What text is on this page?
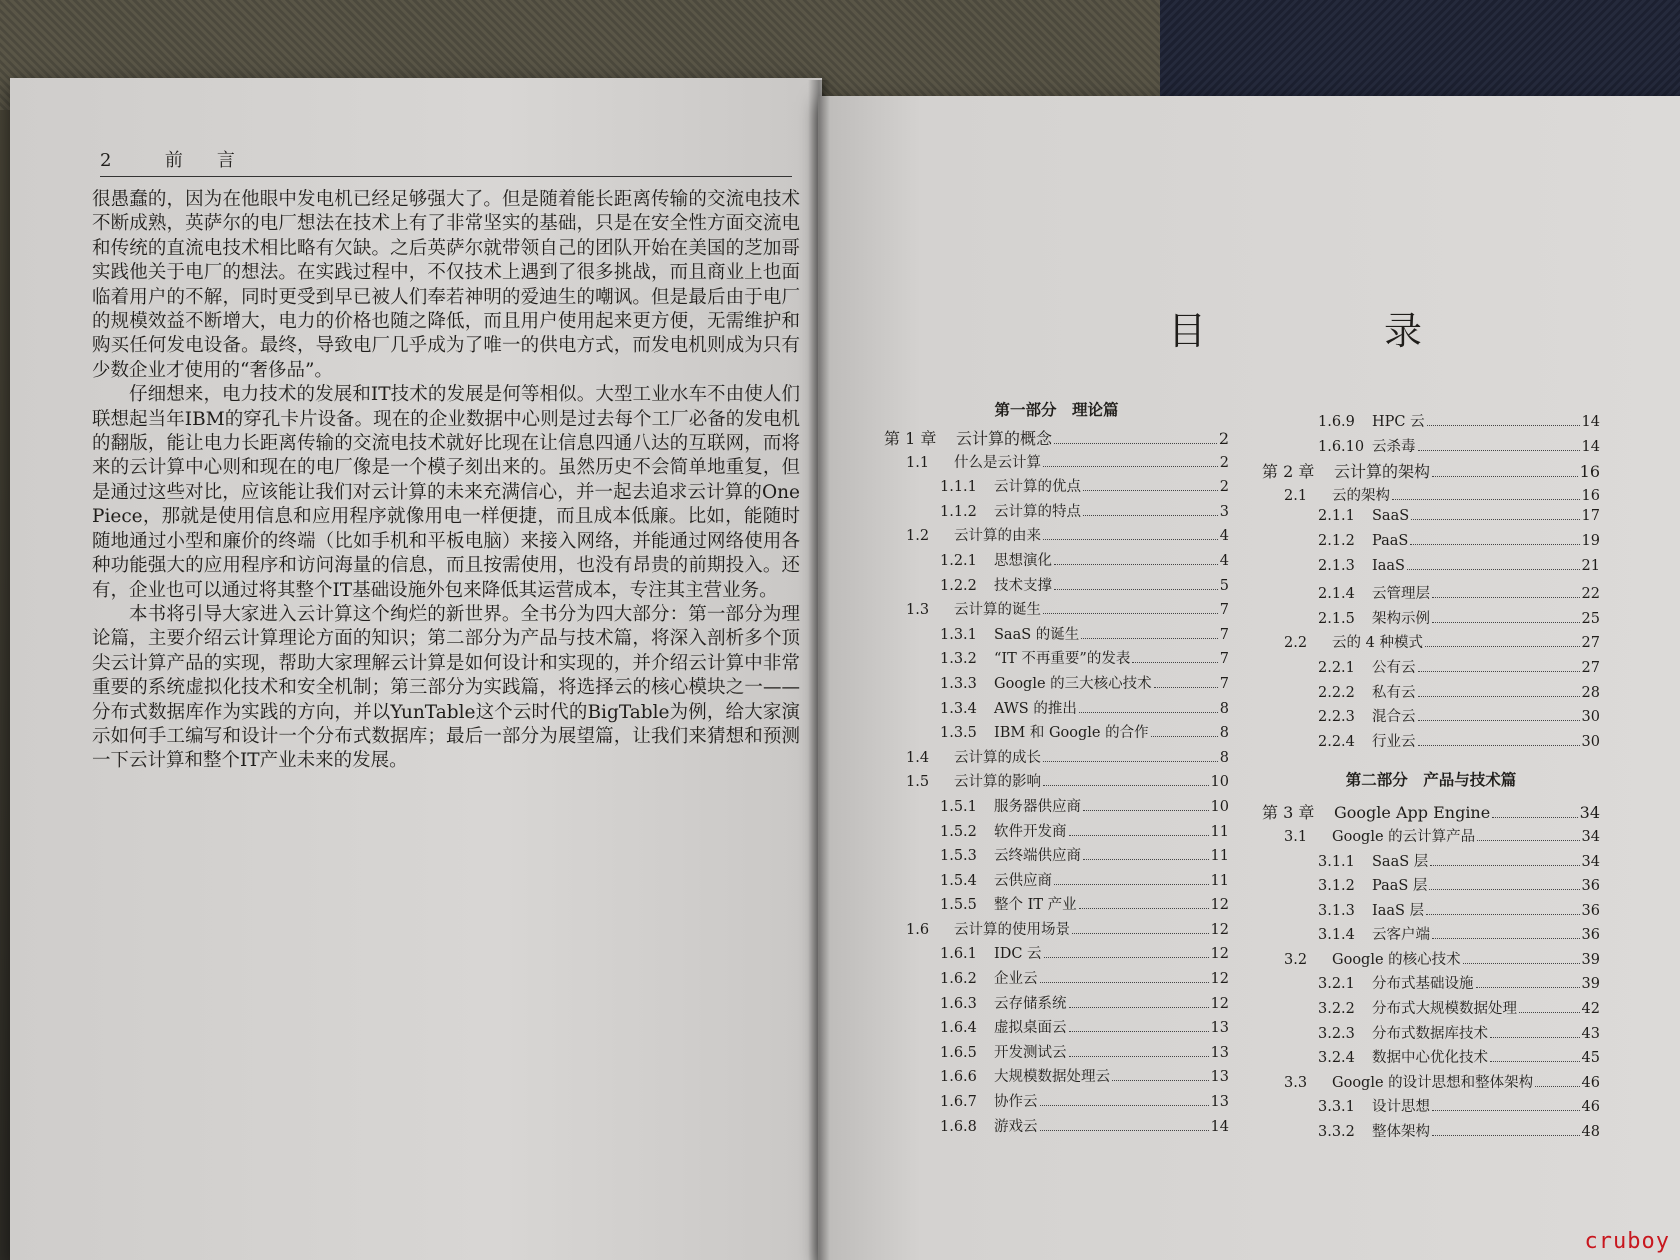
2	前　言

很愚蠢的，因为在他眼中发电机已经足够强大了。但是随着能长距离传输的交流电技术不断成熟，英萨尔的电厂想法在技术上有了非常坚实的基础，只是在安全性方面交流电和传统的直流电技术相比略有欠缺。之后英萨尔就带领自己的团队开始在美国的芝加哥实践他关于电厂的想法。在实践过程中，不仅技术上遇到了很多挑战，而且商业上也面临着用户的不解，同时更受到早已被人们奉若神明的爱迪生的嘲讽。但是最后由于电厂的规模效益不断增大，电力的价格也随之降低，而且用户使用起来更方便，无需维护和购买任何发电设备。最终，导致电厂几乎成为了唯一的供电方式，而发电机则成为只有少数企业才使用的“奢侈品”。

仔细想来，电力技术的发展和IT技术的发展是何等相似。大型工业水车不由使人们联想起当年IBM的穿孔卡片设备。现在的企业数据中心则是过去每个工厂必备的发电机的翻版，能让电力长距离传输的交流电技术就好比现在让信息四通八达的互联网，而将来的云计算中心则和现在的电厂像是一个模子刻出来的。虽然历史不会简单地重复，但是通过这些对比，应该能让我们对云计算的未来充满信心，并一起去追求云计算的One Piece，那就是使用信息和应用程序就像用电一样便捷，而且成本低廉。比如，能随时随地通过小型和廉价的终端（比如手机和平板电脑）来接入网络，并能通过网络使用各种功能强大的应用程序和访问海量的信息，而且按需使用，也没有昂贵的前期投入。还有，企业也可以通过将其整个IT基础设施外包来降低其运营成本，专注其主营业务。

本书将引导大家进入云计算这个绚烂的新世界。全书分为四大部分：第一部分为理论篇，主要介绍云计算理论方面的知识；第二部分为产品与技术篇，将深入剖析多个顶尖云计算产品的实现，帮助大家理解云计算是如何设计和实现的，并介绍云计算中非常重要的系统虚拟化技术和安全机制；第三部分为实践篇，将选择云的核心模块之一——分布式数据库作为实践的方向，并以YunTable这个云时代的BigTable为例，给大家演示如何手工编写和设计一个分布式数据库；最后一部分为展望篇，让我们来猜想和预测一下云计算和整个IT产业未来的发展。

目　录
第一部分　理论篇
第 1 章	云计算的概念	2
1.1	什么是云计算	2
1.1.1	云计算的优点	2
1.1.2	云计算的特点	3
1.2	云计算的由来	4
1.2.1	思想演化	4
1.2.2	技术支撑	5
1.3	云计算的诞生	7
1.3.1	SaaS 的诞生	7
1.3.2	“IT 不再重要”的发表	7
1.3.3	Google 的三大核心技术	7
1.3.4	AWS 的推出	8
1.3.5	IBM 和 Google 的合作	8
1.4	云计算的成长	8
1.5	云计算的影响	10
1.5.1	服务器供应商	10
1.5.2	软件开发商	11
1.5.3	云终端供应商	11
1.5.4	云供应商	11
1.5.5	整个 IT 产业	12
1.6	云计算的使用场景	12
1.6.1	IDC 云	12
1.6.2	企业云	12
1.6.3	云存储系统	12
1.6.4	虚拟桌面云	13
1.6.5	开发测试云	13
1.6.6	大规模数据处理云	13
1.6.7	协作云	13
1.6.8	游戏云	14
1.6.9	HPC 云	14
1.6.10 云杀毒	14
第 2 章	云计算的架构	16
2.1	云的架构	16
2.1.1	SaaS	17
2.1.2	PaaS	19
2.1.3	IaaS	21
2.1.4	云管理层	22
2.1.5	架构示例	25
2.2	云的 4 种模式	27
2.2.1	公有云	27
2.2.2	私有云	28
2.2.3	混合云	30
2.2.4	行业云	30
第二部分　产品与技术篇
第 3 章	Google App Engine	34
3.1	Google 的云计算产品	34
3.1.1	SaaS 层	34
3.1.2	PaaS 层	36
3.1.3	IaaS 层	36
3.1.4	云客户端	36
3.2	Google 的核心技术	39
3.2.1	分布式基础设施	39
3.2.2	分布式大规模数据处理	42
3.2.3	分布式数据库技术	43
3.2.4	数据中心优化技术	45
3.3	Google 的设计思想和整体架构	46
3.3.1	设计思想	46
3.3.2	整体架构	48
cruboy
